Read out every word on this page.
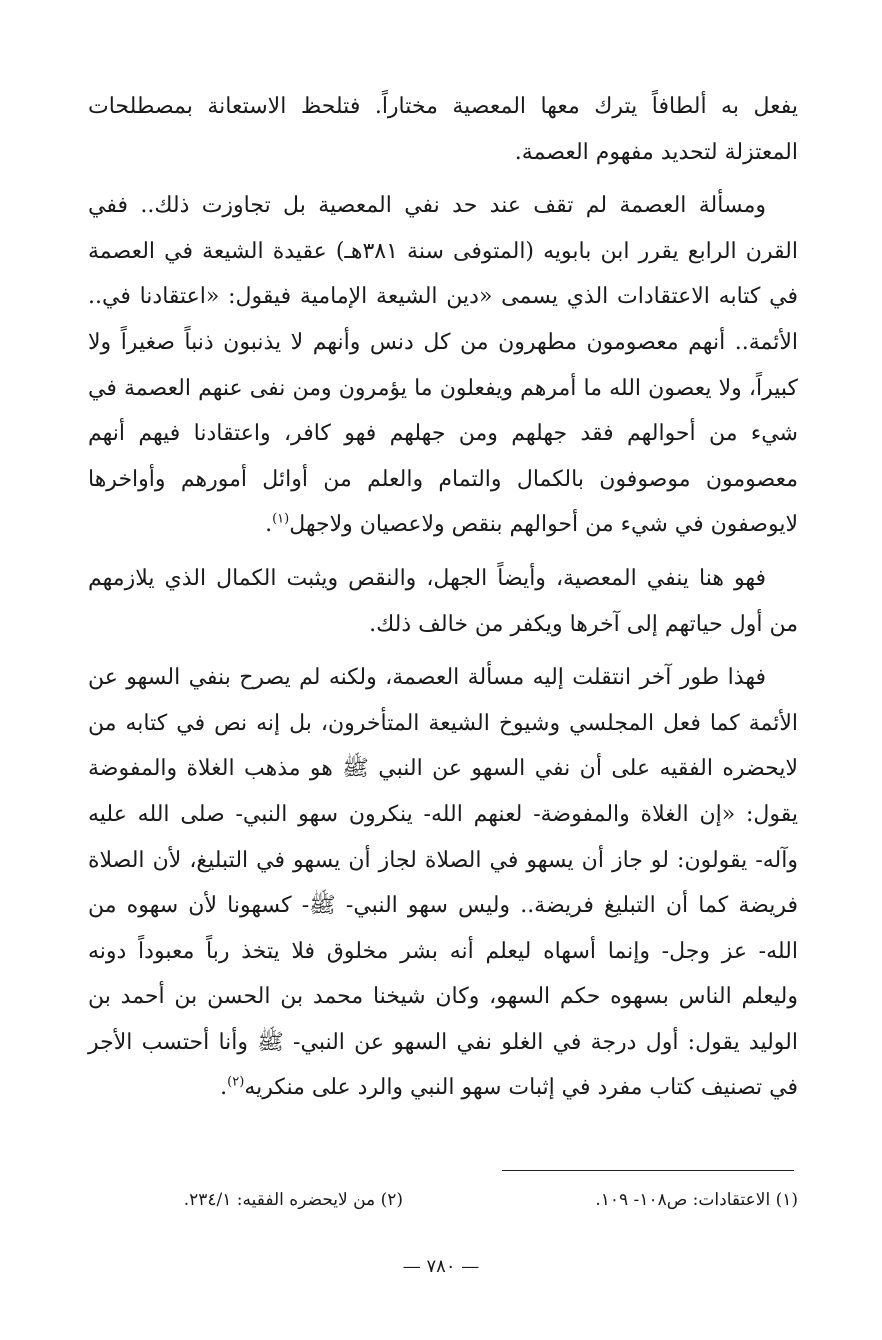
يفعل به ألطافاً يترك معها المعصية مختاراً. فتلحظ الاستعانة بمصطلحات المعتزلة لتحديد مفهوم العصمة.

ومسألة العصمة لم تقف عند حد نفي المعصية بل تجاوزت ذلك.. ففي القرن الرابع يقرر ابن بابويه (المتوفى سنة ٣٨١هـ) عقيدة الشيعة في العصمة في كتابه الاعتقادات الذي يسمى «دين الشيعة الإمامية فيقول: «اعتقادنا في.. الأئمة.. أنهم معصومون مطهرون من كل دنس وأنهم لا يذنبون ذنباً صغيراً ولا كبيراً، ولا يعصون الله ما أمرهم ويفعلون ما يؤمرون ومن نفى عنهم العصمة في شيء من أحوالهم فقد جهلهم ومن جهلهم فهو كافر، واعتقادنا فيهم أنهم معصومون موصوفون بالكمال والتمام والعلم من أوائل أمورهم وأواخرها لايوصفون في شيء من أحوالهم بنقص ولاعصيان ولاجهل$^{(١)}$.

فهو هنا ينفي المعصية، وأيضاً الجهل، والنقص ويثبت الكمال الذي يلازمهم من أول حياتهم إلى آخرها ويكفر من خالف ذلك.

فهذا طور آخر انتقلت إليه مسألة العصمة، ولكنه لم يصرح بنفي السهو عن الأئمة كما فعل المجلسي وشيوخ الشيعة المتأخرون، بل إنه نص في كتابه من لايحضره الفقيه على أن نفي السهو عن النبي ﷺ هو مذهب الغلاة والمفوضة يقول: «إن الغلاة والمفوضة- لعنهم الله- ينكرون سهو النبي- صلى الله عليه وآله- يقولون: لو جاز أن يسهو في الصلاة لجاز أن يسهو في التبليغ، لأن الصلاة فريضة كما أن التبليغ فريضة.. وليس سهو النبي- ﷺ- كسهونا لأن سهوه من الله- عز وجل- وإنما أسهاه ليعلم أنه بشر مخلوق فلا يتخذ رباً معبوداً دونه وليعلم الناس بسهوه حكم السهو، وكان شيخنا محمد بن الحسن بن أحمد بن الوليد يقول: أول درجة في الغلو نفي السهو عن النبي- ﷺ وأنا أحتسب الأجر في تصنيف كتاب مفرد في إثبات سهو النبي والرد على منكريه$^{(٢)}$.

(١) الاعتقادات: ص١٠٨- ١٠٩.
(٢) من لايحضره الفقيه: ٢٣٤/١.
— ٧٨٠ —
